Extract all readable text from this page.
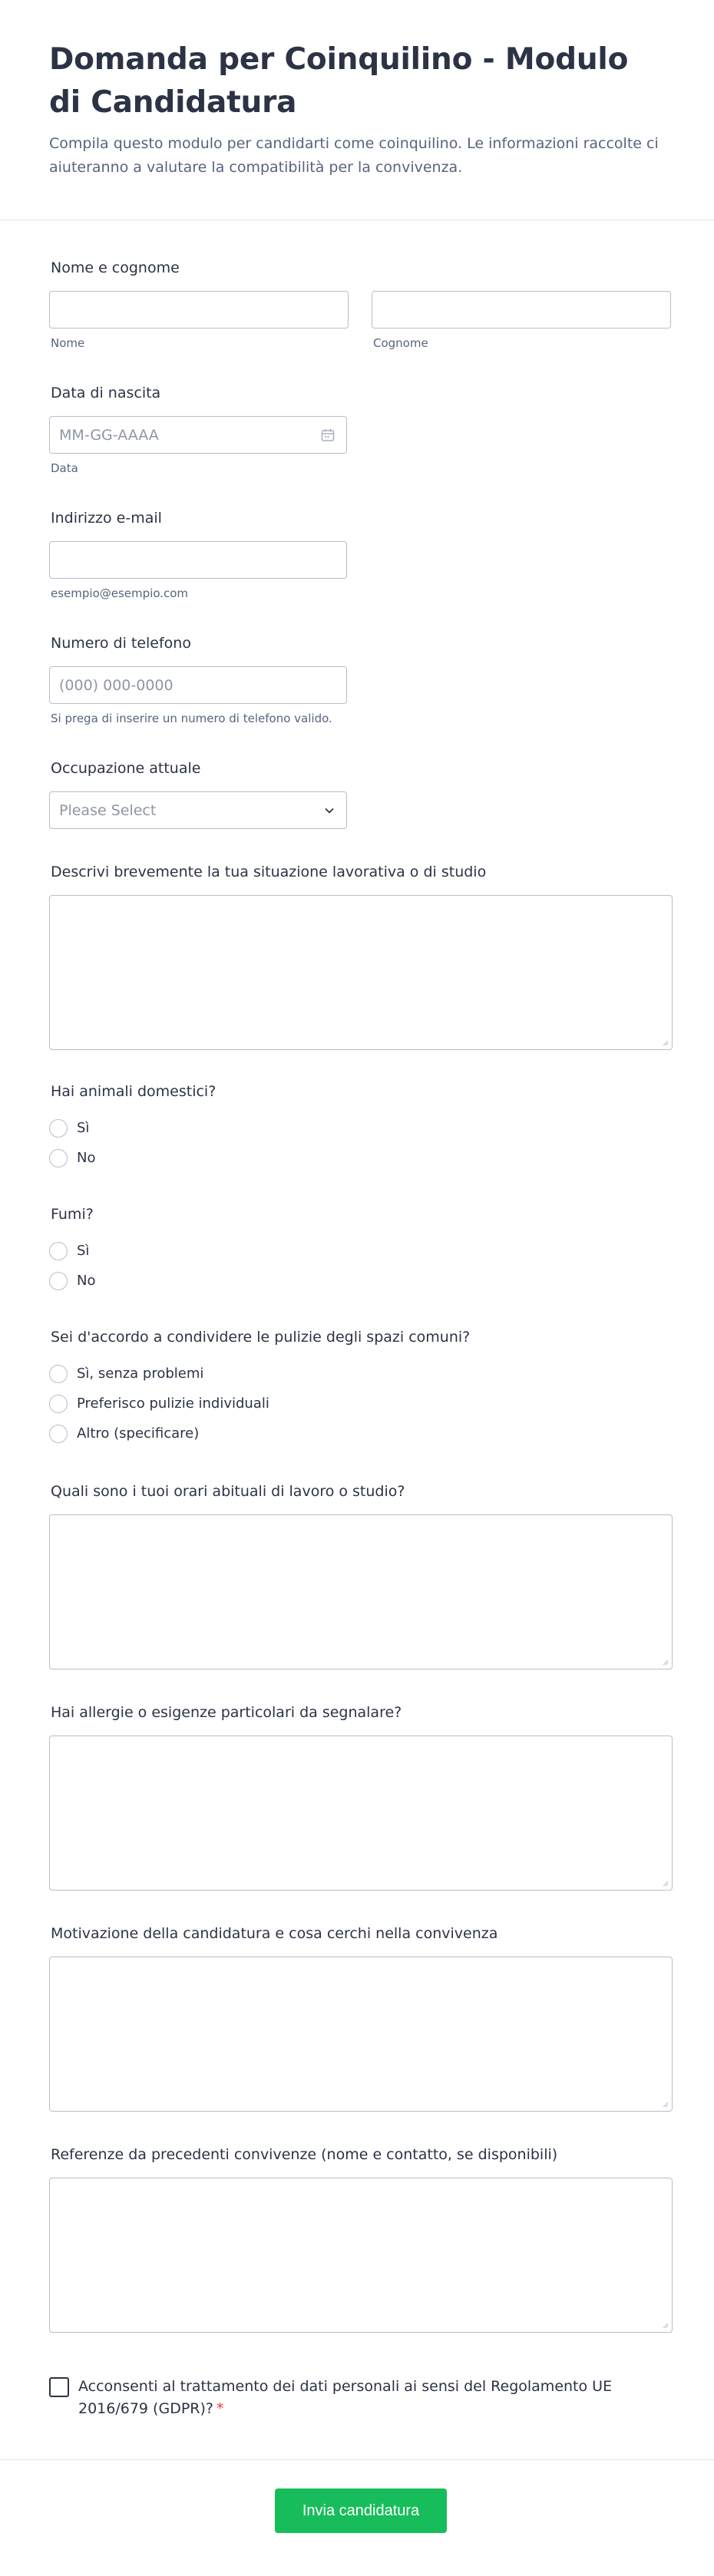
Domanda per Coinquilino - Modulo di Candidatura

Compila questo modulo per candidarti come coinquilino. Le informazioni raccolte ci aiuteranno a valutare la compatibilità per la convivenza.

Nome e cognome
Nome	Cognome
Data di nascita
MM-GG-AAAA
Data
Indirizzo e-mail
esempio@esempio.com
Numero di telefono
(000) 000-0000
Si prega di inserire un numero di telefono valido.
Occupazione attuale
Please Select
Descrivi brevemente la tua situazione lavorativa o di studio
Hai animali domestici?
Sì
No
Fumi?
Sì
No
Sei d'accordo a condividere le pulizie degli spazi comuni?
Sì, senza problemi
Preferisco pulizie individuali
Altro (specificare)
Quali sono i tuoi orari abituali di lavoro o studio?
Hai allergie o esigenze particolari da segnalare?
Motivazione della candidatura e cosa cerchi nella convivenza
Referenze da precedenti convivenze (nome e contatto, se disponibili)
Acconsenti al trattamento dei dati personali ai sensi del Regolamento UE 2016/679 (GDPR)? *
Invia candidatura
